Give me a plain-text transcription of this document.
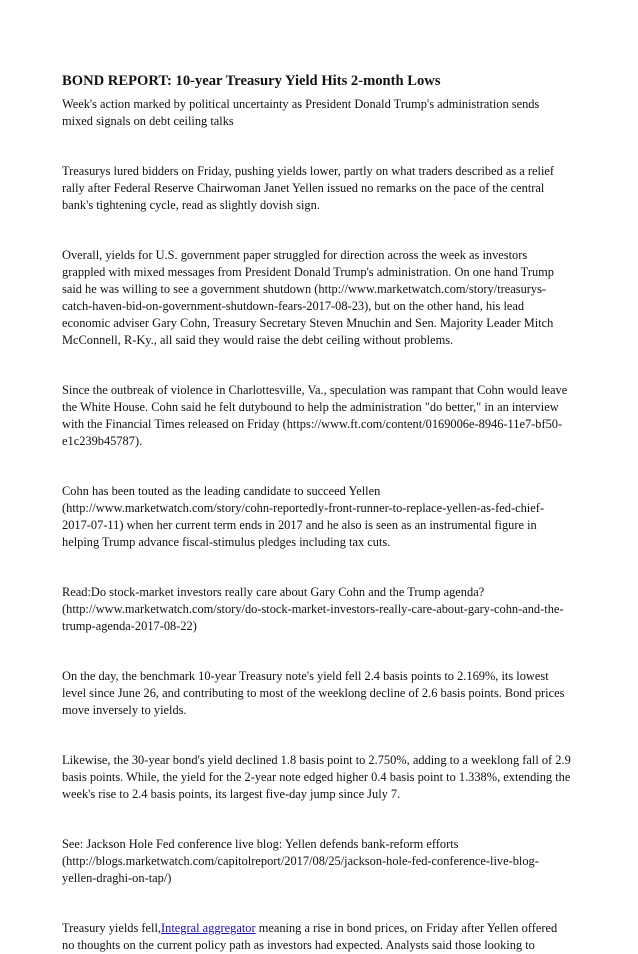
BOND REPORT: 10-year Treasury Yield Hits 2-month Lows

Week's action marked by political uncertainty as President Donald Trump's administration sends mixed signals on debt ceiling talks

Treasurys lured bidders on Friday, pushing yields lower, partly on what traders described as a relief rally after Federal Reserve Chairwoman Janet Yellen issued no remarks on the pace of the central bank's tightening cycle, read as slightly dovish sign.

Overall, yields for U.S. government paper struggled for direction across the week as investors grappled with mixed messages from President Donald Trump's administration. On one hand Trump said he was willing to see a government shutdown (http://www.marketwatch.com/story/treasurys-catch-haven-bid-on-government-shutdown-fears-2017-08-23), but on the other hand, his lead economic adviser Gary Cohn, Treasury Secretary Steven Mnuchin and Sen. Majority Leader Mitch McConnell, R-Ky., all said they would raise the debt ceiling without problems.

Since the outbreak of violence in Charlottesville, Va., speculation was rampant that Cohn would leave the White House. Cohn said he felt dutybound to help the administration "do better," in an interview with the Financial Times released on Friday (https://www.ft.com/content/0169006e-8946-11e7-bf50-e1c239b45787).

Cohn has been touted as the leading candidate to succeed Yellen (http://www.marketwatch.com/story/cohn-reportedly-front-runner-to-replace-yellen-as-fed-chief-2017-07-11) when her current term ends in 2017 and he also is seen as an instrumental figure in helping Trump advance fiscal-stimulus pledges including tax cuts.

Read:Do stock-market investors really care about Gary Cohn and the Trump agenda? (http://www.marketwatch.com/story/do-stock-market-investors-really-care-about-gary-cohn-and-the-trump-agenda-2017-08-22)

On the day, the benchmark 10-year Treasury note's yield fell 2.4 basis points to 2.169%, its lowest level since June 26, and contributing to most of the weeklong decline of 2.6 basis points. Bond prices move inversely to yields.

Likewise, the 30-year bond's yield declined 1.8 basis point to 2.750%, adding to a weeklong fall of 2.9 basis points. While, the yield for the 2-year note edged higher 0.4 basis point to 1.338%, extending the week's rise to 2.4 basis points, its largest five-day jump since July 7.

See: Jackson Hole Fed conference live blog: Yellen defends bank-reform efforts (http://blogs.marketwatch.com/capitolreport/2017/08/25/jackson-hole-fed-conference-live-blog-yellen-draghi-on-tap/)

Treasury yields fell,Integral aggregator meaning a rise in bond prices, on Friday after Yellen offered no thoughts on the current policy path as investors had expected. Analysts said those looking to
